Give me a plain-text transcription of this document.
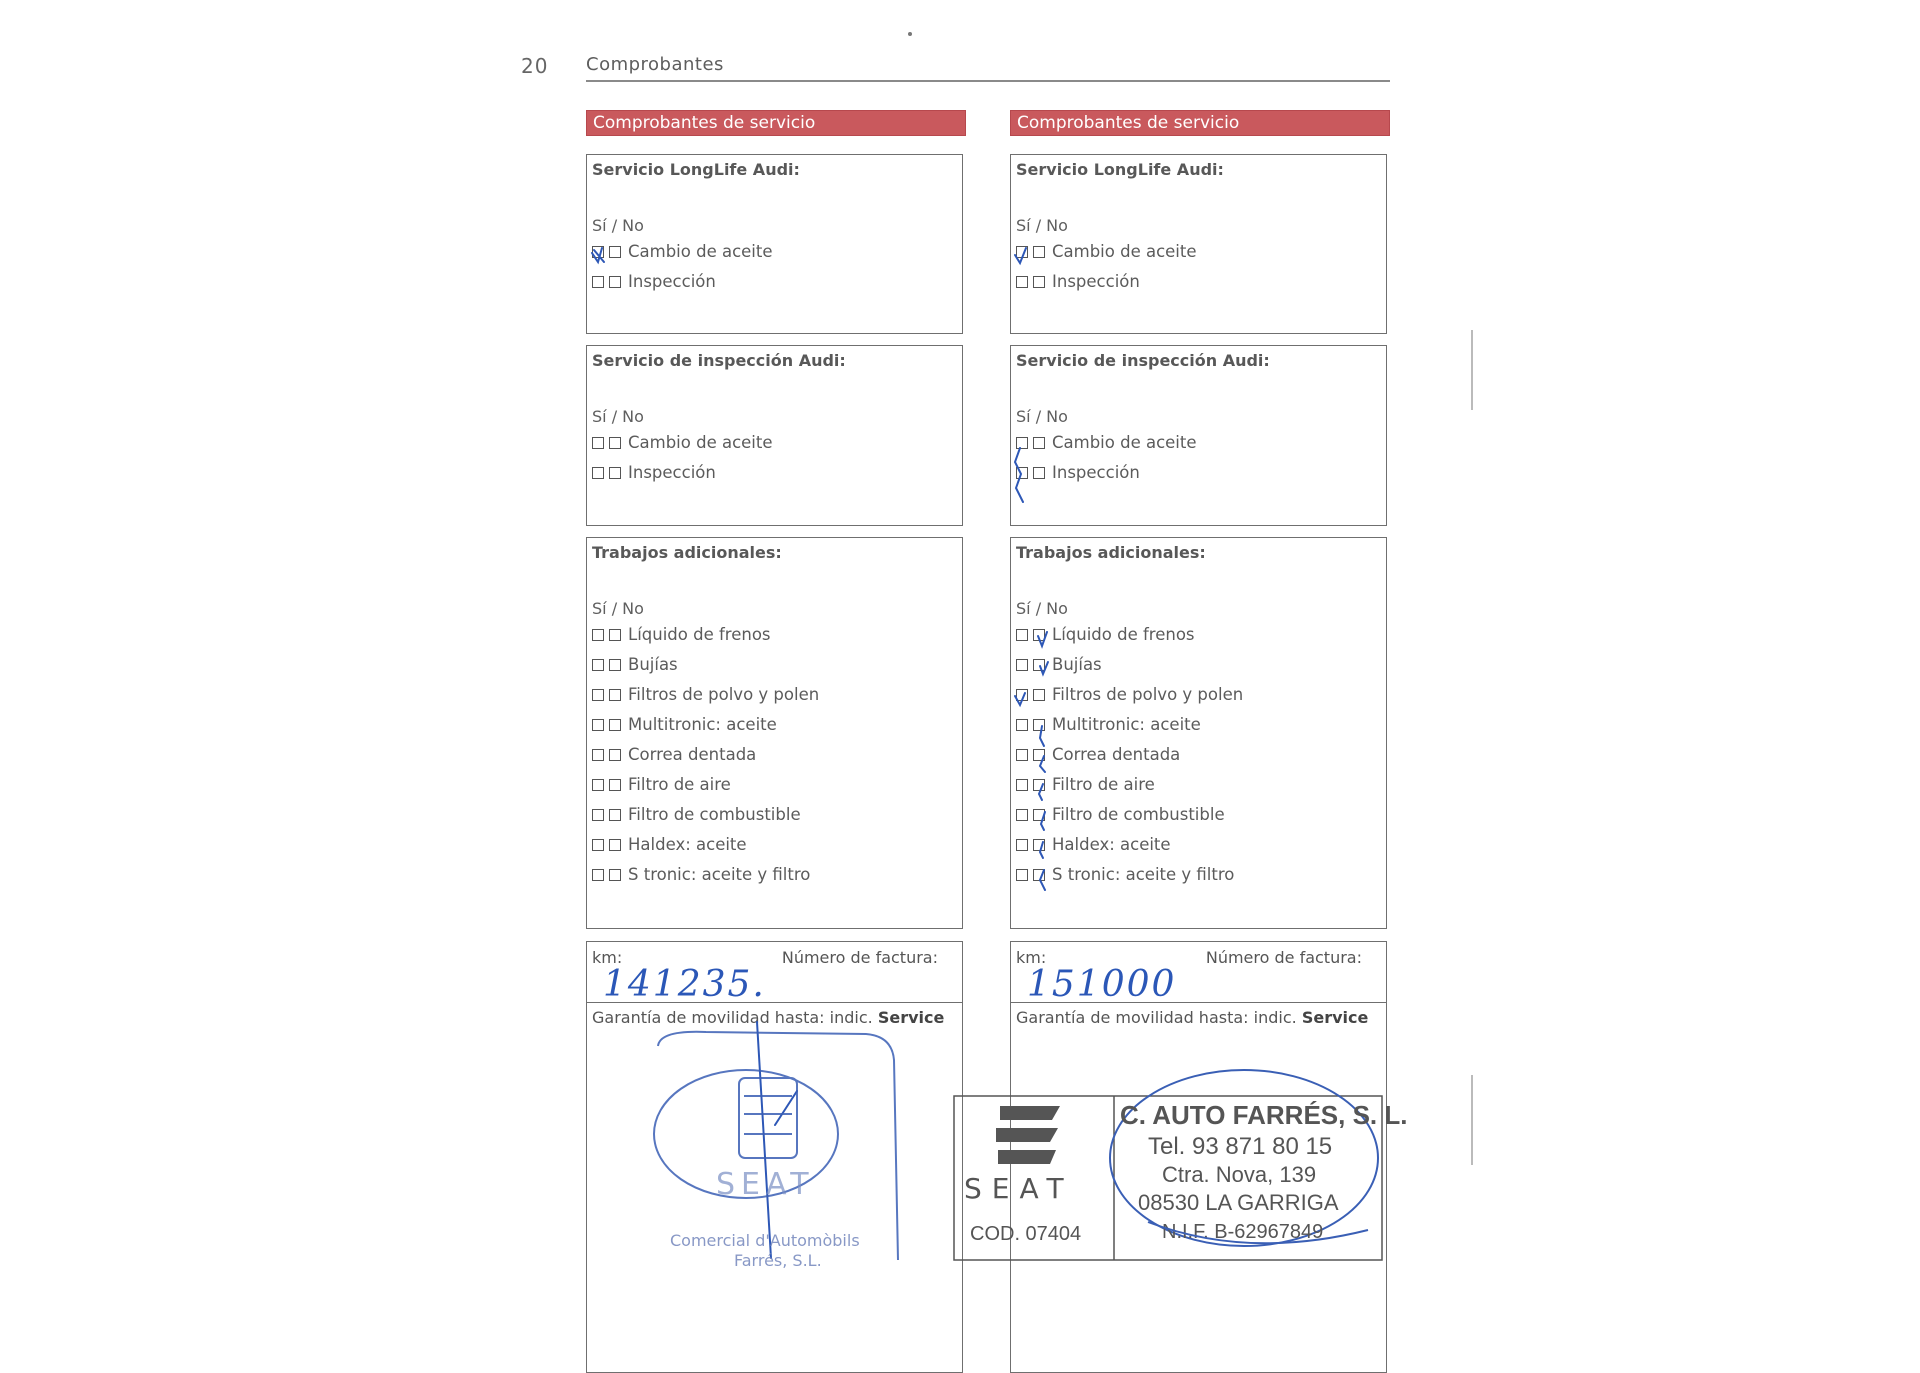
20 Comprobantes
Comprobantes de servicio
Servicio LongLife Audi:
Sí / No
Cambio de aceite
Inspección
Servicio de inspección Audi:
Sí / No
Cambio de aceite
Inspección
Trabajos adicionales:
Sí / No
Líquido de frenos
Bujías
Filtros de polvo y polen
Multitronic: aceite
Correa dentada
Filtro de aire
Filtro de combustible
Haldex: aceite
S tronic: aceite y filtro
km:	Número de factura:
141235.
Garantía de movilidad hasta: indic. Service
Comprobantes de servicio
Servicio LongLife Audi:
Sí / No
Cambio de aceite
Inspección
Servicio de inspección Audi:
Sí / No
Cambio de aceite
Inspección
Trabajos adicionales:
Sí / No
Líquido de frenos
Bujías
Filtros de polvo y polen
Multitronic: aceite
Correa dentada
Filtro de aire
Filtro de combustible
Haldex: aceite
S tronic: aceite y filtro
km:	Número de factura:
151000
Garantía de movilidad hasta: indic. Service
SEAT
Comercial d'Automòbils
Farrés, S.L.
SEAT
COD. 07404
C. AUTO FARRÉS, S. L.
Tel. 93 871 80 15
Ctra. Nova, 139
08530 LA GARRIGA
N.I.F. B-62967849
